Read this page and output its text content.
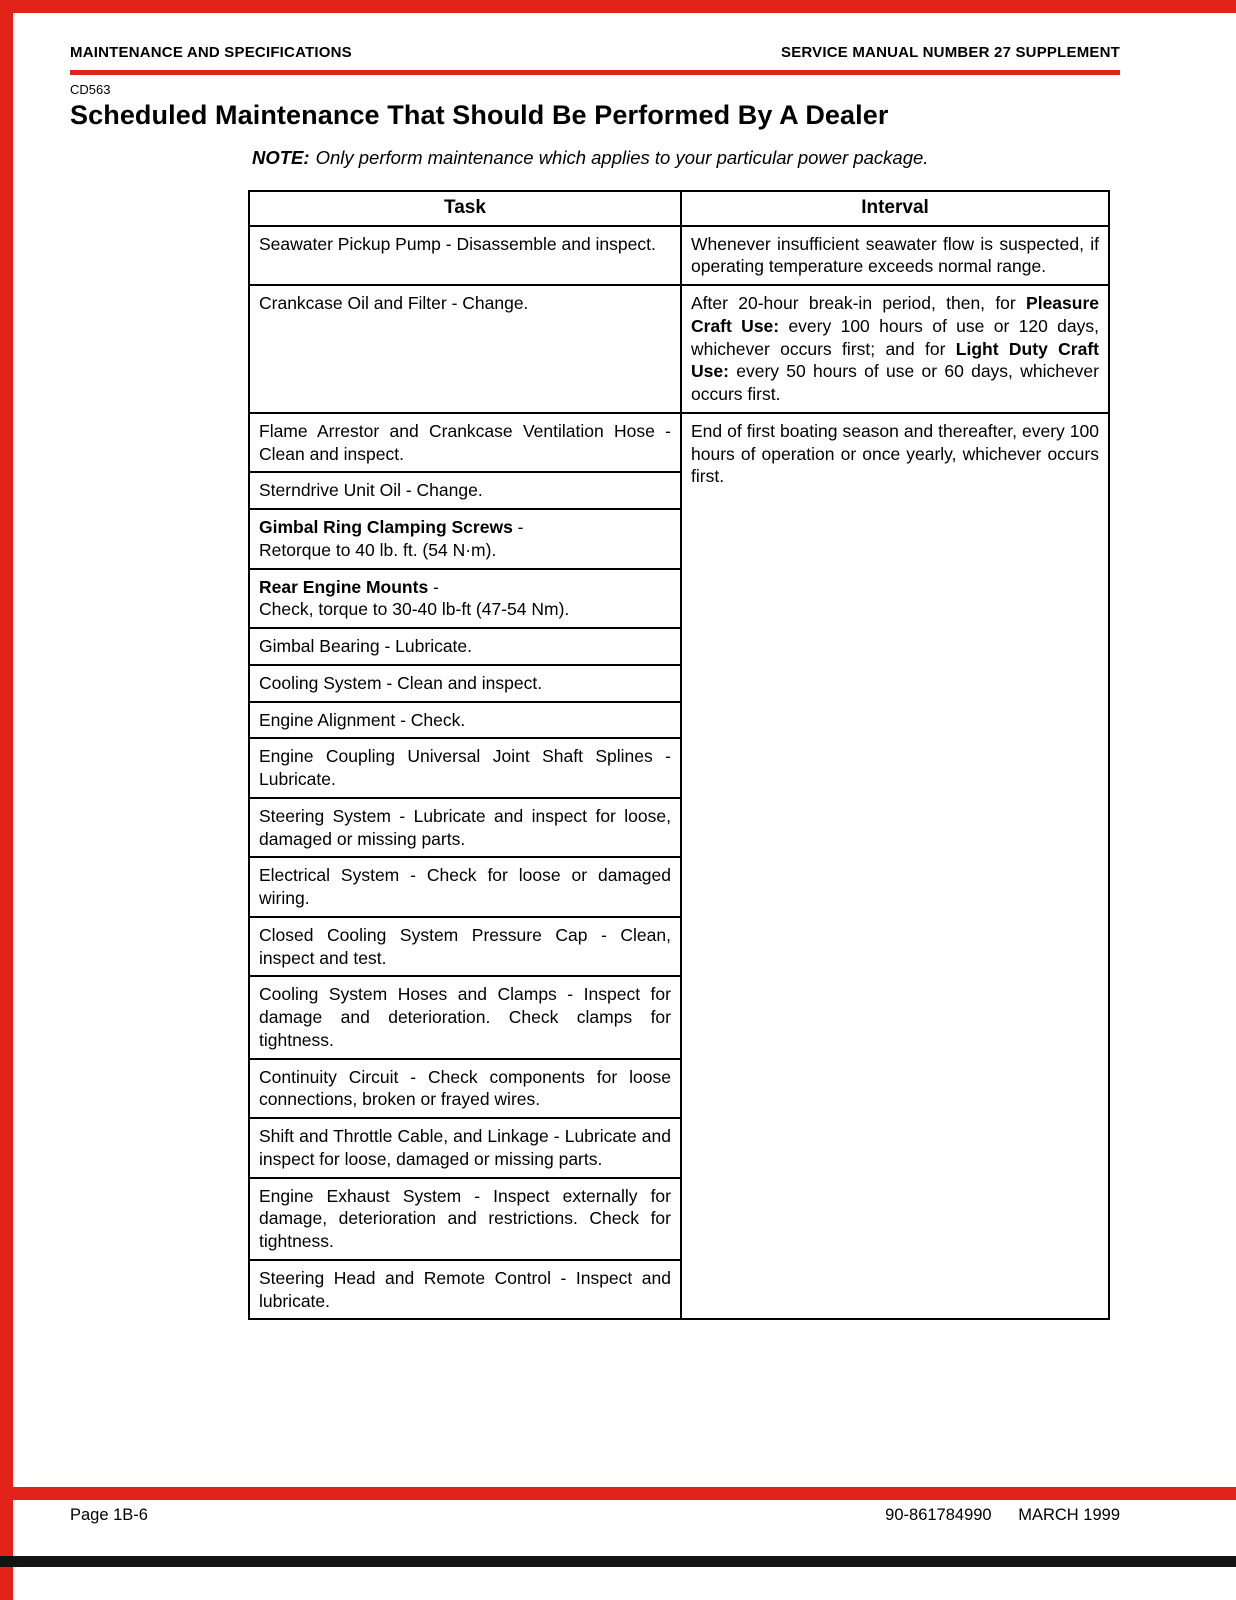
MAINTENANCE AND SPECIFICATIONS	SERVICE MANUAL NUMBER 27 SUPPLEMENT
CD563
Scheduled Maintenance That Should Be Performed By A Dealer
NOTE: Only perform maintenance which applies to your particular power package.
Task	Interval
Seawater Pickup Pump - Disassemble and inspect.	Whenever insufficient seawater flow is suspected, if operating temperature exceeds normal range.
Crankcase Oil and Filter - Change.	After 20-hour break-in period, then, for Pleasure Craft Use: every 100 hours of use or 120 days, whichever occurs first; and for Light Duty Craft Use: every 50 hours of use or 60 days, whichever occurs first.
Flame Arrestor and Crankcase Ventilation Hose - Clean and inspect.	End of first boating season and thereafter, every 100 hours of operation or once yearly, whichever occurs first.
Sterndrive Unit Oil - Change.	
Gimbal Ring Clamping Screws -
Retorque to 40 lb. ft. (54 N·m).	
Rear Engine Mounts -
Check, torque to 30-40 lb-ft (47-54 Nm).	
Gimbal Bearing - Lubricate.	
Cooling System - Clean and inspect.	
Engine Alignment - Check.	
Engine Coupling Universal Joint Shaft Splines - Lubricate.	
Steering System - Lubricate and inspect for loose, damaged or missing parts.	
Electrical System - Check for loose or damaged wiring.	
Closed Cooling System Pressure Cap - Clean, inspect and test.	
Cooling System Hoses and Clamps - Inspect for damage and deterioration. Check clamps for tightness.	
Continuity Circuit - Check components for loose connections, broken or frayed wires.	
Shift and Throttle Cable, and Linkage - Lubricate and inspect for loose, damaged or missing parts.	
Engine Exhaust System - Inspect externally for damage, deterioration and restrictions. Check for tightness.	
Steering Head and Remote Control - Inspect and lubricate.	
Page 1B-6	90-861784990 MARCH 1999
